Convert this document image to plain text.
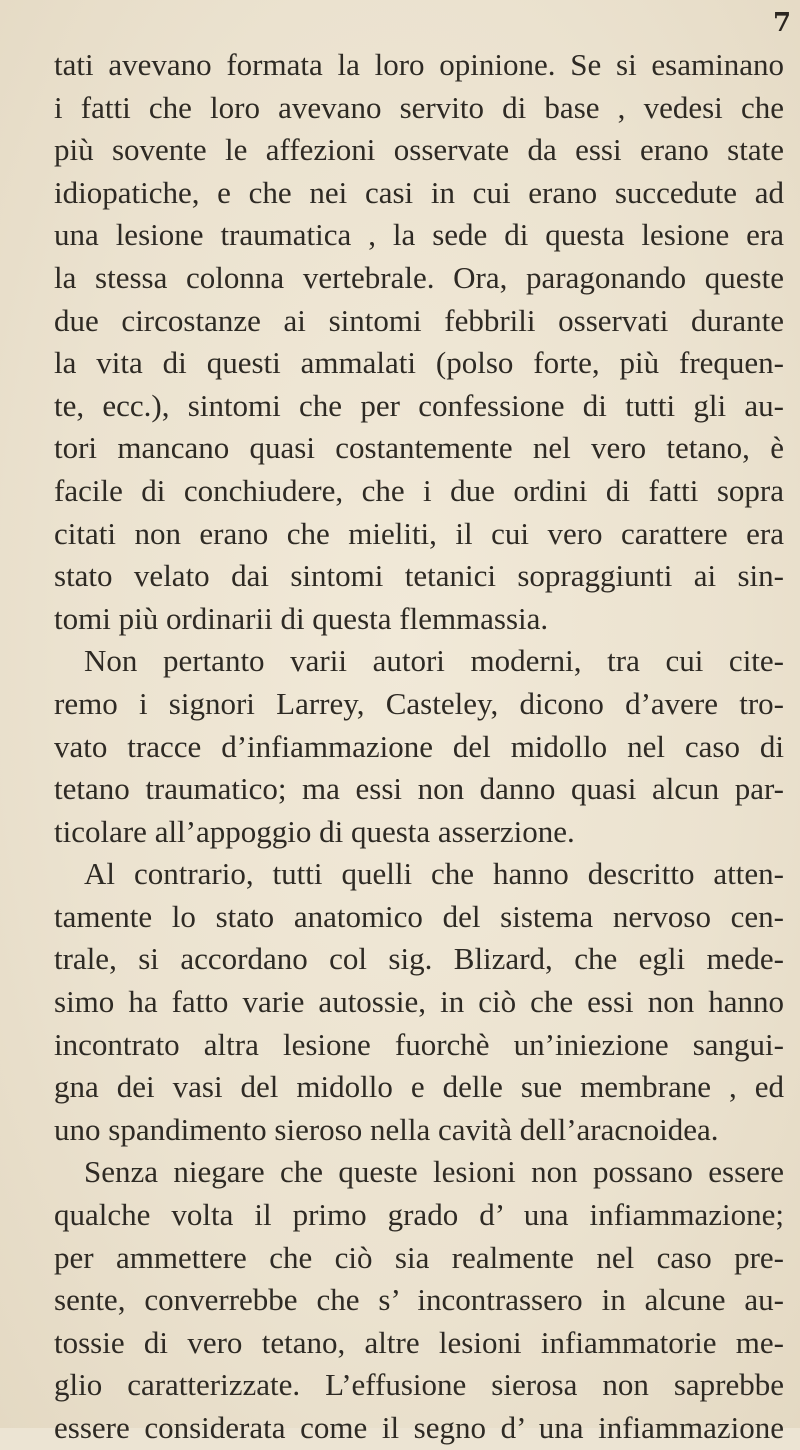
7
tati avevano formata la loro opinione. Se si esaminano
i fatti che loro avevano servito di base , vedesi che
più sovente le affezioni osservate da essi erano state
idiopatiche, e che nei casi in cui erano succedute ad
una lesione traumatica , la sede di questa lesione era
la stessa colonna vertebrale. Ora, paragonando queste
due circostanze ai sintomi febbrili osservati durante
la vita di questi ammalati (polso forte, più frequen-
te, ecc.), sintomi che per confessione di tutti gli au-
tori mancano quasi costantemente nel vero tetano, è
facile di conchiudere, che i due ordini di fatti sopra
citati non erano che mieliti, il cui vero carattere era
stato velato dai sintomi tetanici sopraggiunti ai sin-
tomi più ordinarii di questa flemmassia.
Non pertanto varii autori moderni, tra cui cite-
remo i signori Larrey, Casteley, dicono d’avere tro-
vato tracce d’infiammazione del midollo nel caso di
tetano traumatico; ma essi non danno quasi alcun par-
ticolare all’appoggio di questa asserzione.
Al contrario, tutti quelli che hanno descritto atten-
tamente lo stato anatomico del sistema nervoso cen-
trale, si accordano col sig. Blizard, che egli mede-
simo ha fatto varie autossie, in ciò che essi non hanno
incontrato altra lesione fuorchè un’iniezione sangui-
gna dei vasi del midollo e delle sue membrane , ed
uno spandimento sieroso nella cavità dell’aracnoidea.
Senza niegare che queste lesioni non possano essere
qualche volta il primo grado d’ una infiammazione;
per ammettere che ciò sia realmente nel caso pre-
sente, converrebbe che s’ incontrassero in alcune au-
tossie di vero tetano, altre lesioni infiammatorie me-
glio caratterizzate. L’effusione sierosa non saprebbe
essere considerata come il segno d’ una infiammazione
